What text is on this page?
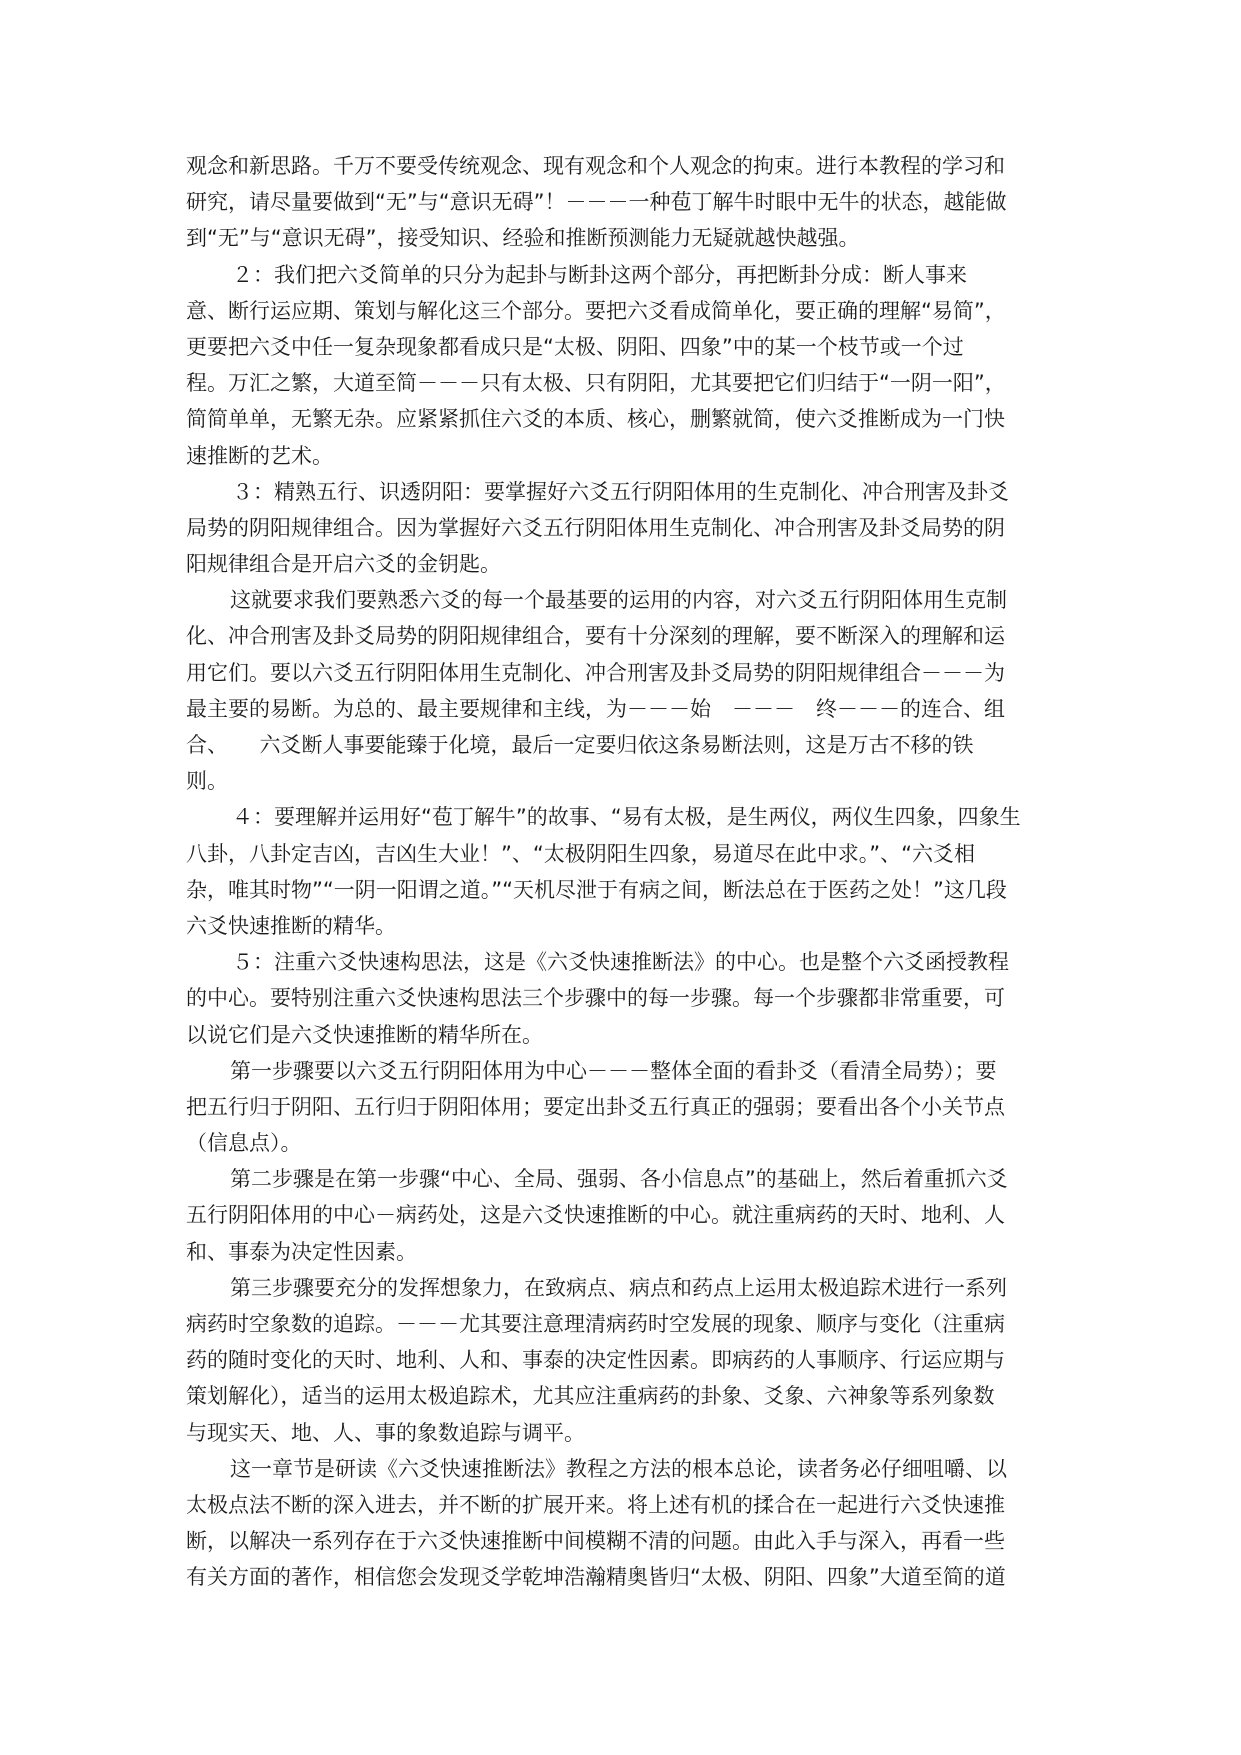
观念和新思路。千万不要受传统观念、现有观念和个人观念的拘束。进行本教程的学习和
研究，请尽量要做到“无”与“意识无碍”！－－－一种苞丁解牛时眼中无牛的状态，越能做
到“无”与“意识无碍”，接受知识、经验和推断预测能力无疑就越快越强。
２：我们把六爻简单的只分为起卦与断卦这两个部分，再把断卦分成：断人事来
意、断行运应期、策划与解化这三个部分。要把六爻看成简单化，要正确的理解“易简”，
更要把六爻中任一复杂现象都看成只是“太极、阴阳、四象”中的某一个枝节或一个过
程。万汇之繁，大道至简－－－只有太极、只有阴阳，尤其要把它们归结于“一阴一阳”，
简简单单，无繁无杂。应紧紧抓住六爻的本质、核心，删繁就简，使六爻推断成为一门快
速推断的艺术。
３：精熟五行、识透阴阳：要掌握好六爻五行阴阳体用的生克制化、冲合刑害及卦爻
局势的阴阳规律组合。因为掌握好六爻五行阴阳体用生克制化、冲合刑害及卦爻局势的阴
阳规律组合是开启六爻的金钥匙。
这就要求我们要熟悉六爻的每一个最基要的运用的内容，对六爻五行阴阳体用生克制
化、冲合刑害及卦爻局势的阴阳规律组合，要有十分深刻的理解，要不断深入的理解和运
用它们。要以六爻五行阴阳体用生克制化、冲合刑害及卦爻局势的阴阳规律组合－－－为
最主要的易断。为总的、最主要规律和主线，为－－－始　－－－　终－－－的连合、组
合、　　六爻断人事要能臻于化境，最后一定要归依这条易断法则，这是万古不移的铁
则。
４：要理解并运用好“苞丁解牛”的故事、“易有太极，是生两仪，两仪生四象，四象生
八卦，八卦定吉凶，吉凶生大业！”、“太极阴阳生四象，易道尽在此中求。”、“六爻相
杂，唯其时物”“一阴一阳谓之道。”“天机尽泄于有病之间，断法总在于医药之处！”这几段
六爻快速推断的精华。
５：注重六爻快速构思法，这是《六爻快速推断法》的中心。也是整个六爻函授教程
的中心。要特别注重六爻快速构思法三个步骤中的每一步骤。每一个步骤都非常重要，可
以说它们是六爻快速推断的精华所在。
第一步骤要以六爻五行阴阳体用为中心－－－整体全面的看卦爻（看清全局势）；要
把五行归于阴阳、五行归于阴阳体用；要定出卦爻五行真正的强弱；要看出各个小关节点
（信息点）。
第二步骤是在第一步骤“中心、全局、强弱、各小信息点”的基础上，然后着重抓六爻
五行阴阳体用的中心－病药处，这是六爻快速推断的中心。就注重病药的天时、地利、人
和、事泰为决定性因素。
第三步骤要充分的发挥想象力，在致病点、病点和药点上运用太极追踪术进行一系列
病药时空象数的追踪。－－－尤其要注意理清病药时空发展的现象、顺序与变化（注重病
药的随时变化的天时、地利、人和、事泰的决定性因素。即病药的人事顺序、行运应期与
策划解化），适当的运用太极追踪术，尤其应注重病药的卦象、爻象、六神象等系列象数
与现实天、地、人、事的象数追踪与调平。
这一章节是研读《六爻快速推断法》教程之方法的根本总论，读者务必仔细咀嚼、以
太极点法不断的深入进去，并不断的扩展开来。将上述有机的揉合在一起进行六爻快速推
断，以解决一系列存在于六爻快速推断中间模糊不清的问题。由此入手与深入，再看一些
有关方面的著作，相信您会发现爻学乾坤浩瀚精奥皆归“太极、阴阳、四象”大道至简的道
